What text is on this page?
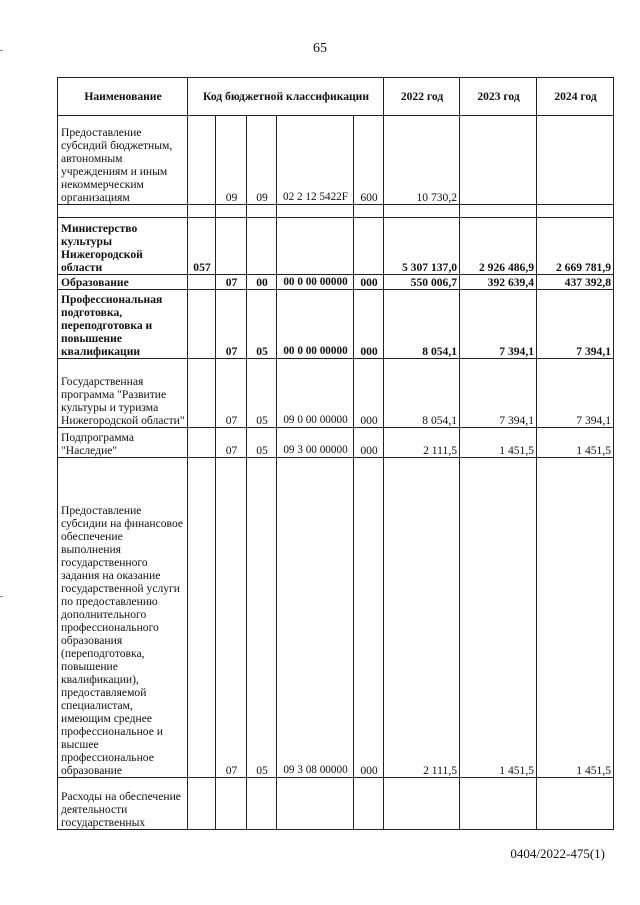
65
Наименование	Код бюджетной классификации					2022 год	2023 год	2024 год
Предоставление субсидий бюджетным, автономным учреждениям и иным некоммерческим организациям		09	09	02 2 12 5422F	600	10 730,2		

Министерство культуры Нижегородской области	057					5 307 137,0	2 926 486,9	2 669 781,9
Образование		07	00	00 0 00 00000	000	550 006,7	392 639,4	437 392,8
Профессиональная подготовка, переподготовка и повышение квалификации		07	05	00 0 00 00000	000	8 054,1	7 394,1	7 394,1
Государственная программа "Развитие культуры и туризма Нижегородской области"		07	05	09 0 00 00000	000	8 054,1	7 394,1	7 394,1
Подпрограмма "Наследие"		07	05	09 3 00 00000	000	2 111,5	1 451,5	1 451,5
Предоставление субсидии на финансовое обеспечение выполнения государственного задания на оказание государственной услуги по предоставлению дополнительного профессионального образования (переподготовка, повышение квалификации), предоставляемой специалистам, имеющим среднее профессиональное и высшее профессиональное образование		07	05	09 3 08 00000	000	2 111,5	1 451,5	1 451,5
Расходы на обеспечение деятельности государственных								
0404/2022-475(1)
